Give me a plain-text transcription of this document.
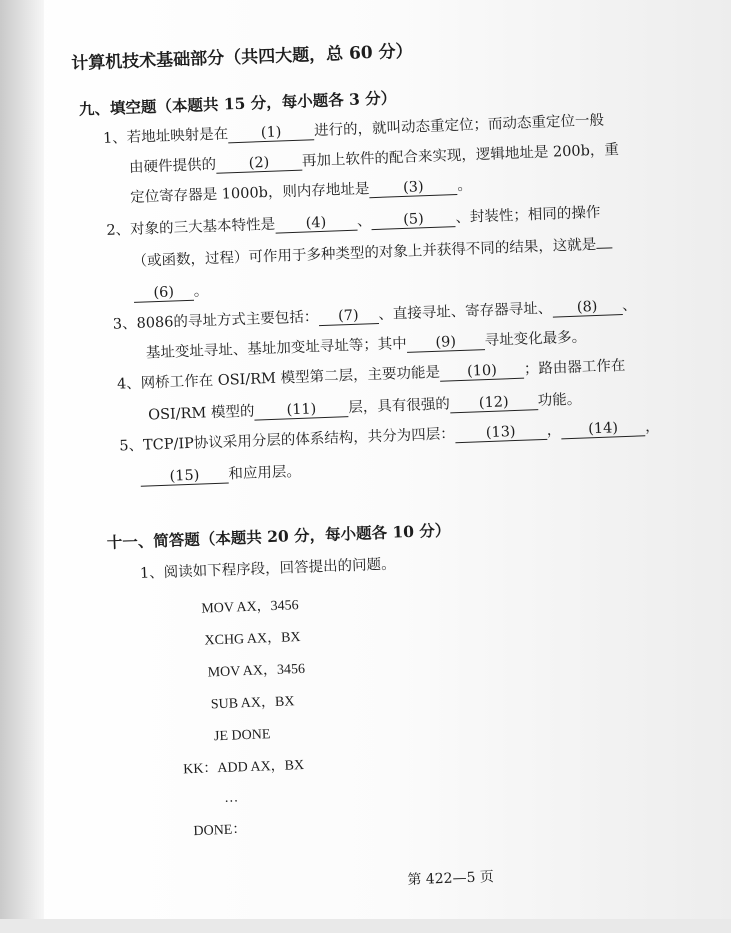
计算机技术基础部分（共四大题，总 60 分）
九、填空题（本题共 15 分，每小题各 3 分）
1、若地址映射是在 (1) 进行的，就叫动态重定位；而动态重定位一般
由硬件提供的 (2) 再加上软件的配合来实现，逻辑地址是 200b，重
定位寄存器是 1000b，则内存地址是 (3) 。
2、对象的三大基本特性是 (4) 、 (5) 、封装性；相同的操作
（或函数，过程）可作用于多种类型的对象上并获得不同的结果，这就是
(6) 。
3、8086的寻址方式主要包括： (7) 、直接寻址、寄存器寻址、 (8) 、
基址变址寻址、基址加变址寻址等；其中 (9) 寻址变化最多。
4、网桥工作在 OSI/RM 模型第二层，主要功能是 (10) ；路由器工作在
OSI/RM 模型的 (11) 层，具有很强的 (12) 功能。
5、TCP/IP协议采用分层的体系结构，共分为四层： (13) ， (14) ，
(15) 和应用层。
十一、简答题（本题共 20 分，每小题各 10 分）
1、阅读如下程序段，回答提出的问题。
MOV AX，3456
XCHG AX，BX
MOV AX，3456
SUB AX，BX
JE DONE
KK：ADD AX，BX
…
DONE：
第 422—5 页
